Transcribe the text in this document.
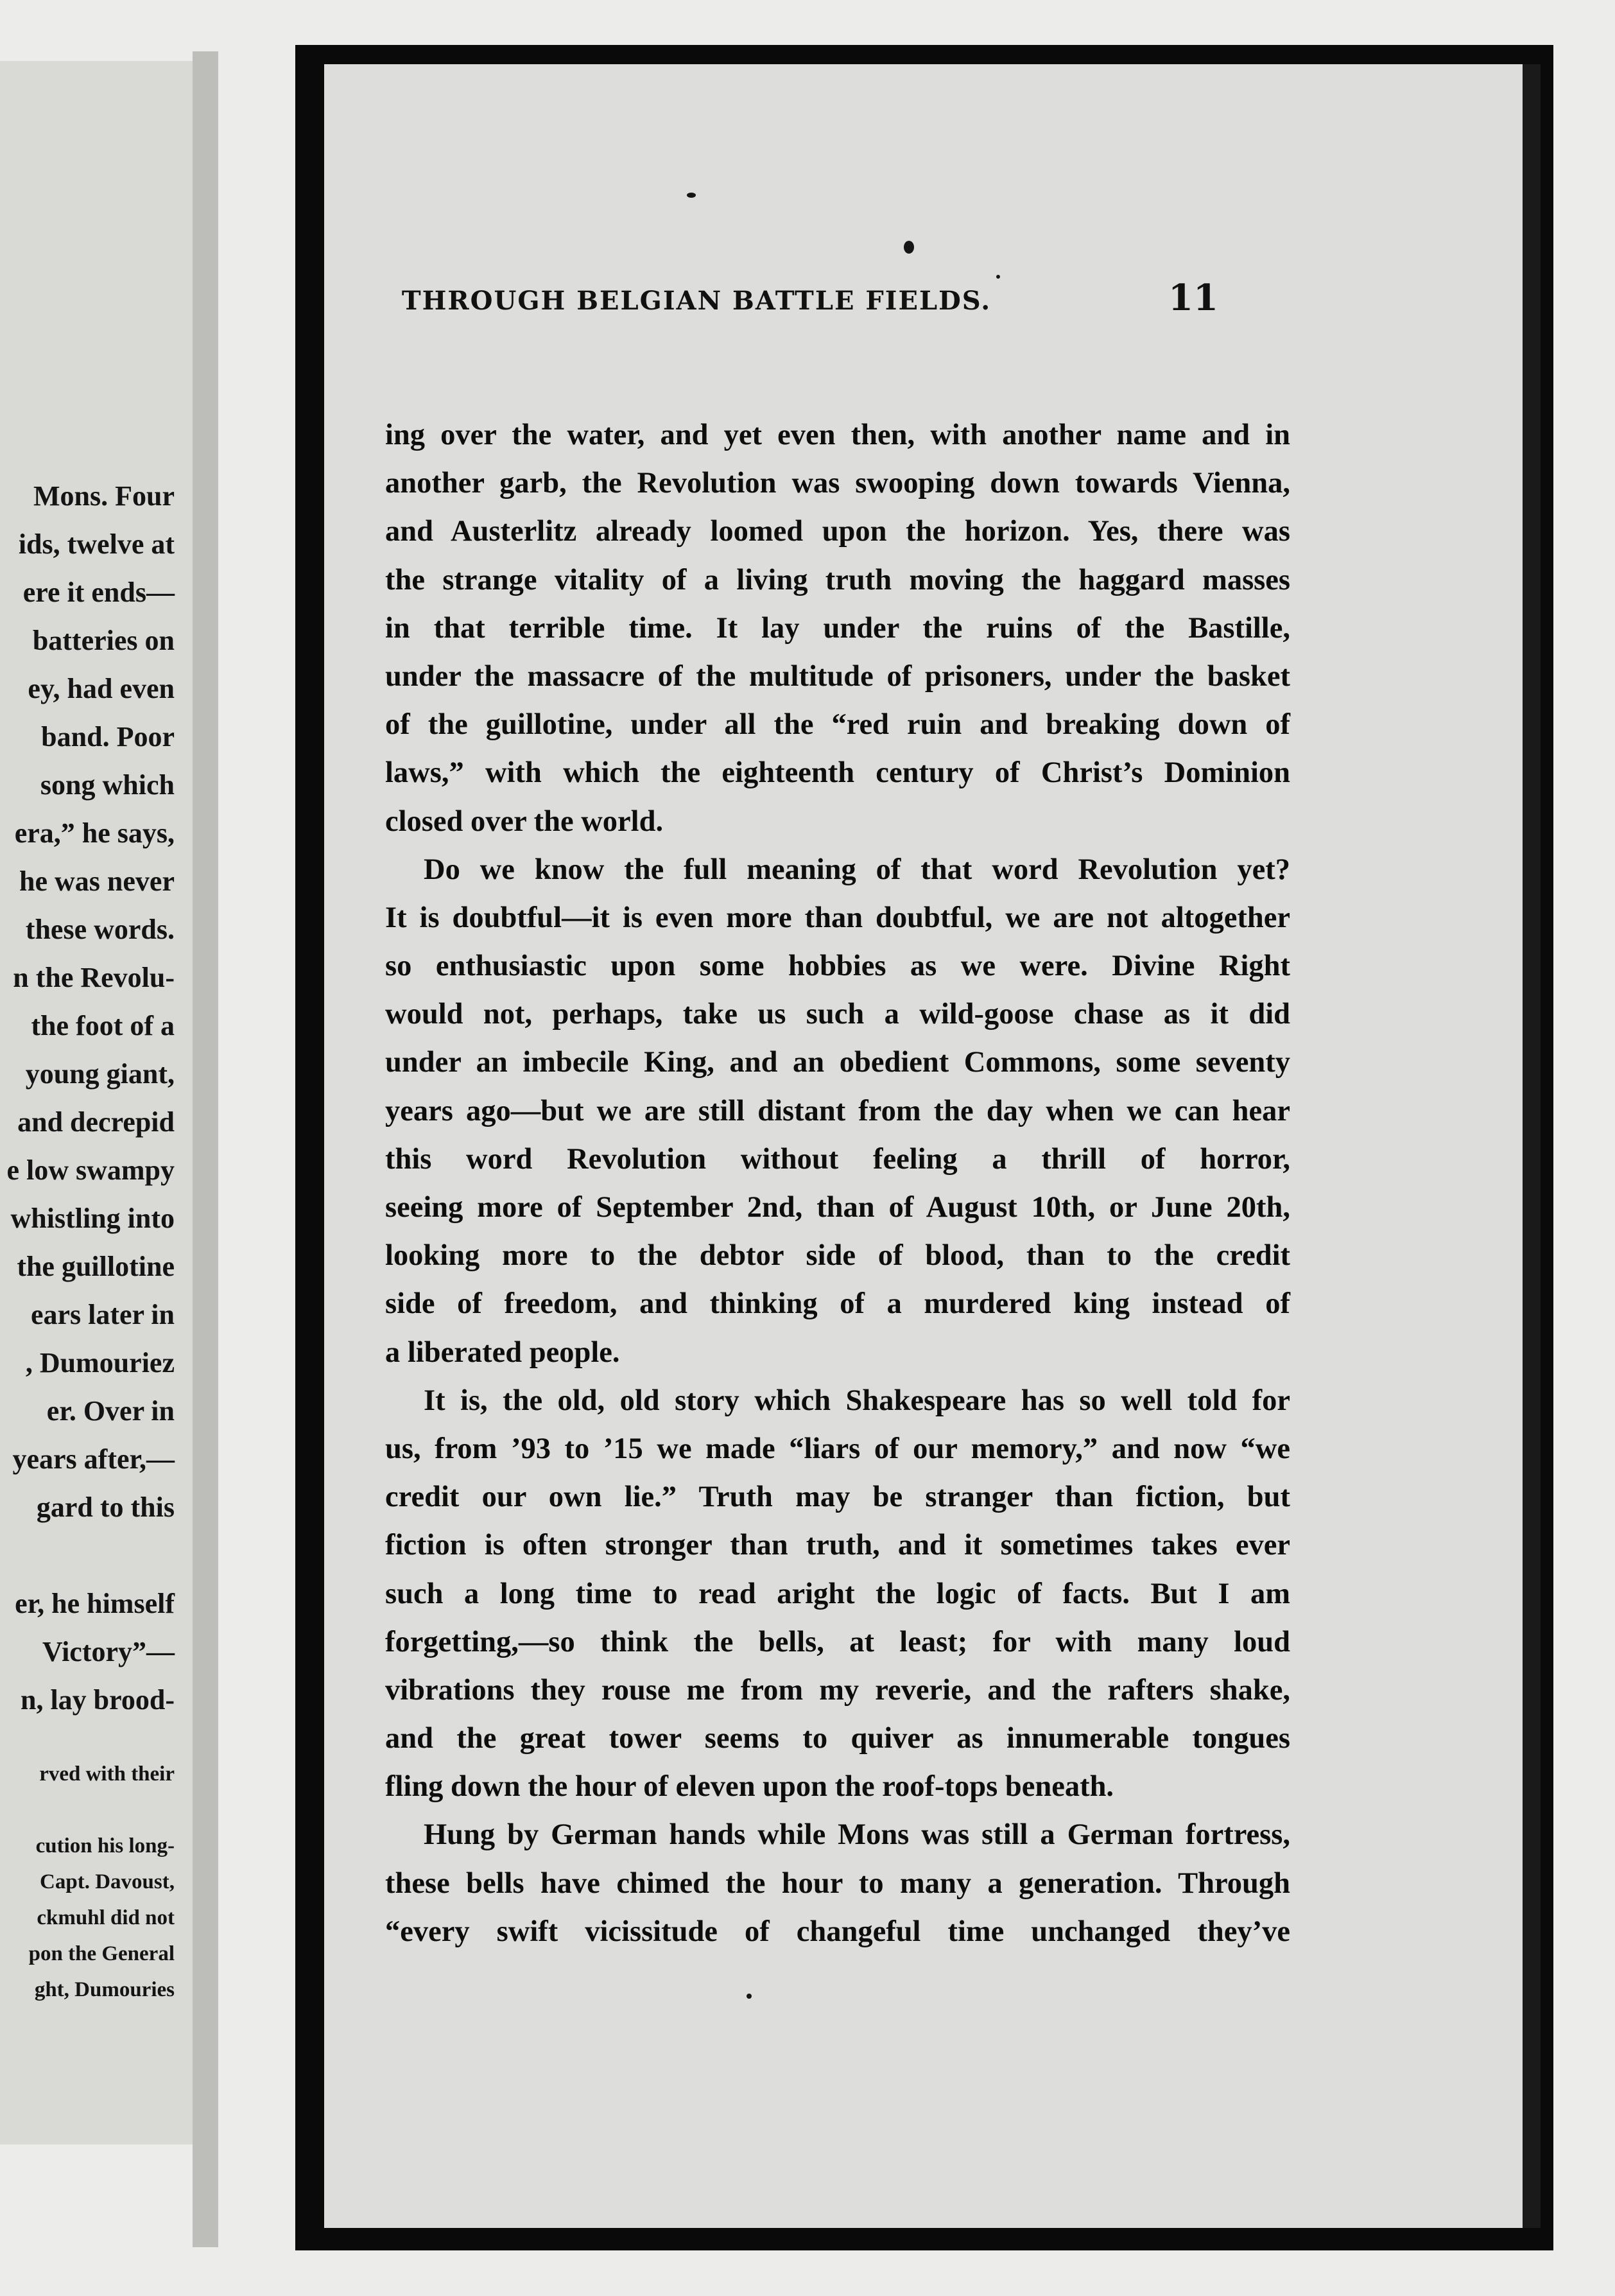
Mons. Four
ids, twelve at
ere it ends—
batteries on
ey, had even
band. Poor
song which
era,” he says,
he was never
these words.
n the Revolu-
the foot of a
young giant,
and decrepid
e low swampy
whistling into
the guillotine
ears later in
, Dumouriez
er. Over in
years after,—
gard to this

er, he himself
Victory”—
n, lay brood-
rved with their

cution his long-
Capt. Davoust,
ckmuhl did not
pon the General
ght, Dumouries
THROUGH BELGIAN BATTLE FIELDS.	11
ing over the water, and yet even then, with another name and in
another garb, the Revolution was swooping down towards Vienna,
and Austerlitz already loomed upon the horizon. Yes, there was
the strange vitality of a living truth moving the haggard masses
in that terrible time. It lay under the ruins of the Bastille,
under the massacre of the multitude of prisoners, under the basket
of the guillotine, under all the “red ruin and breaking down of
laws,” with which the eighteenth century of Christ’s Dominion
closed over the world.
Do we know the full meaning of that word Revolution yet?
It is doubtful—it is even more than doubtful, we are not altogether
so enthusiastic upon some hobbies as we were. Divine Right
would not, perhaps, take us such a wild-goose chase as it did
under an imbecile King, and an obedient Commons, some seventy
years ago—but we are still distant from the day when we can hear
this word Revolution without feeling a thrill of horror,
seeing more of September 2nd, than of August 10th, or June 20th,
looking more to the debtor side of blood, than to the credit
side of freedom, and thinking of a murdered king instead of
a liberated people.
It is, the old, old story which Shakespeare has so well told for
us, from ’93 to ’15 we made “liars of our memory,” and now “we
credit our own lie.” Truth may be stranger than fiction, but
fiction is often stronger than truth, and it sometimes takes ever
such a long time to read aright the logic of facts. But I am
forgetting,—so think the bells, at least; for with many loud
vibrations they rouse me from my reverie, and the rafters shake,
and the great tower seems to quiver as innumerable tongues
fling down the hour of eleven upon the roof-tops beneath.
Hung by German hands while Mons was still a German fortress,
these bells have chimed the hour to many a generation. Through
“every swift vicissitude of changeful time unchanged they’ve
